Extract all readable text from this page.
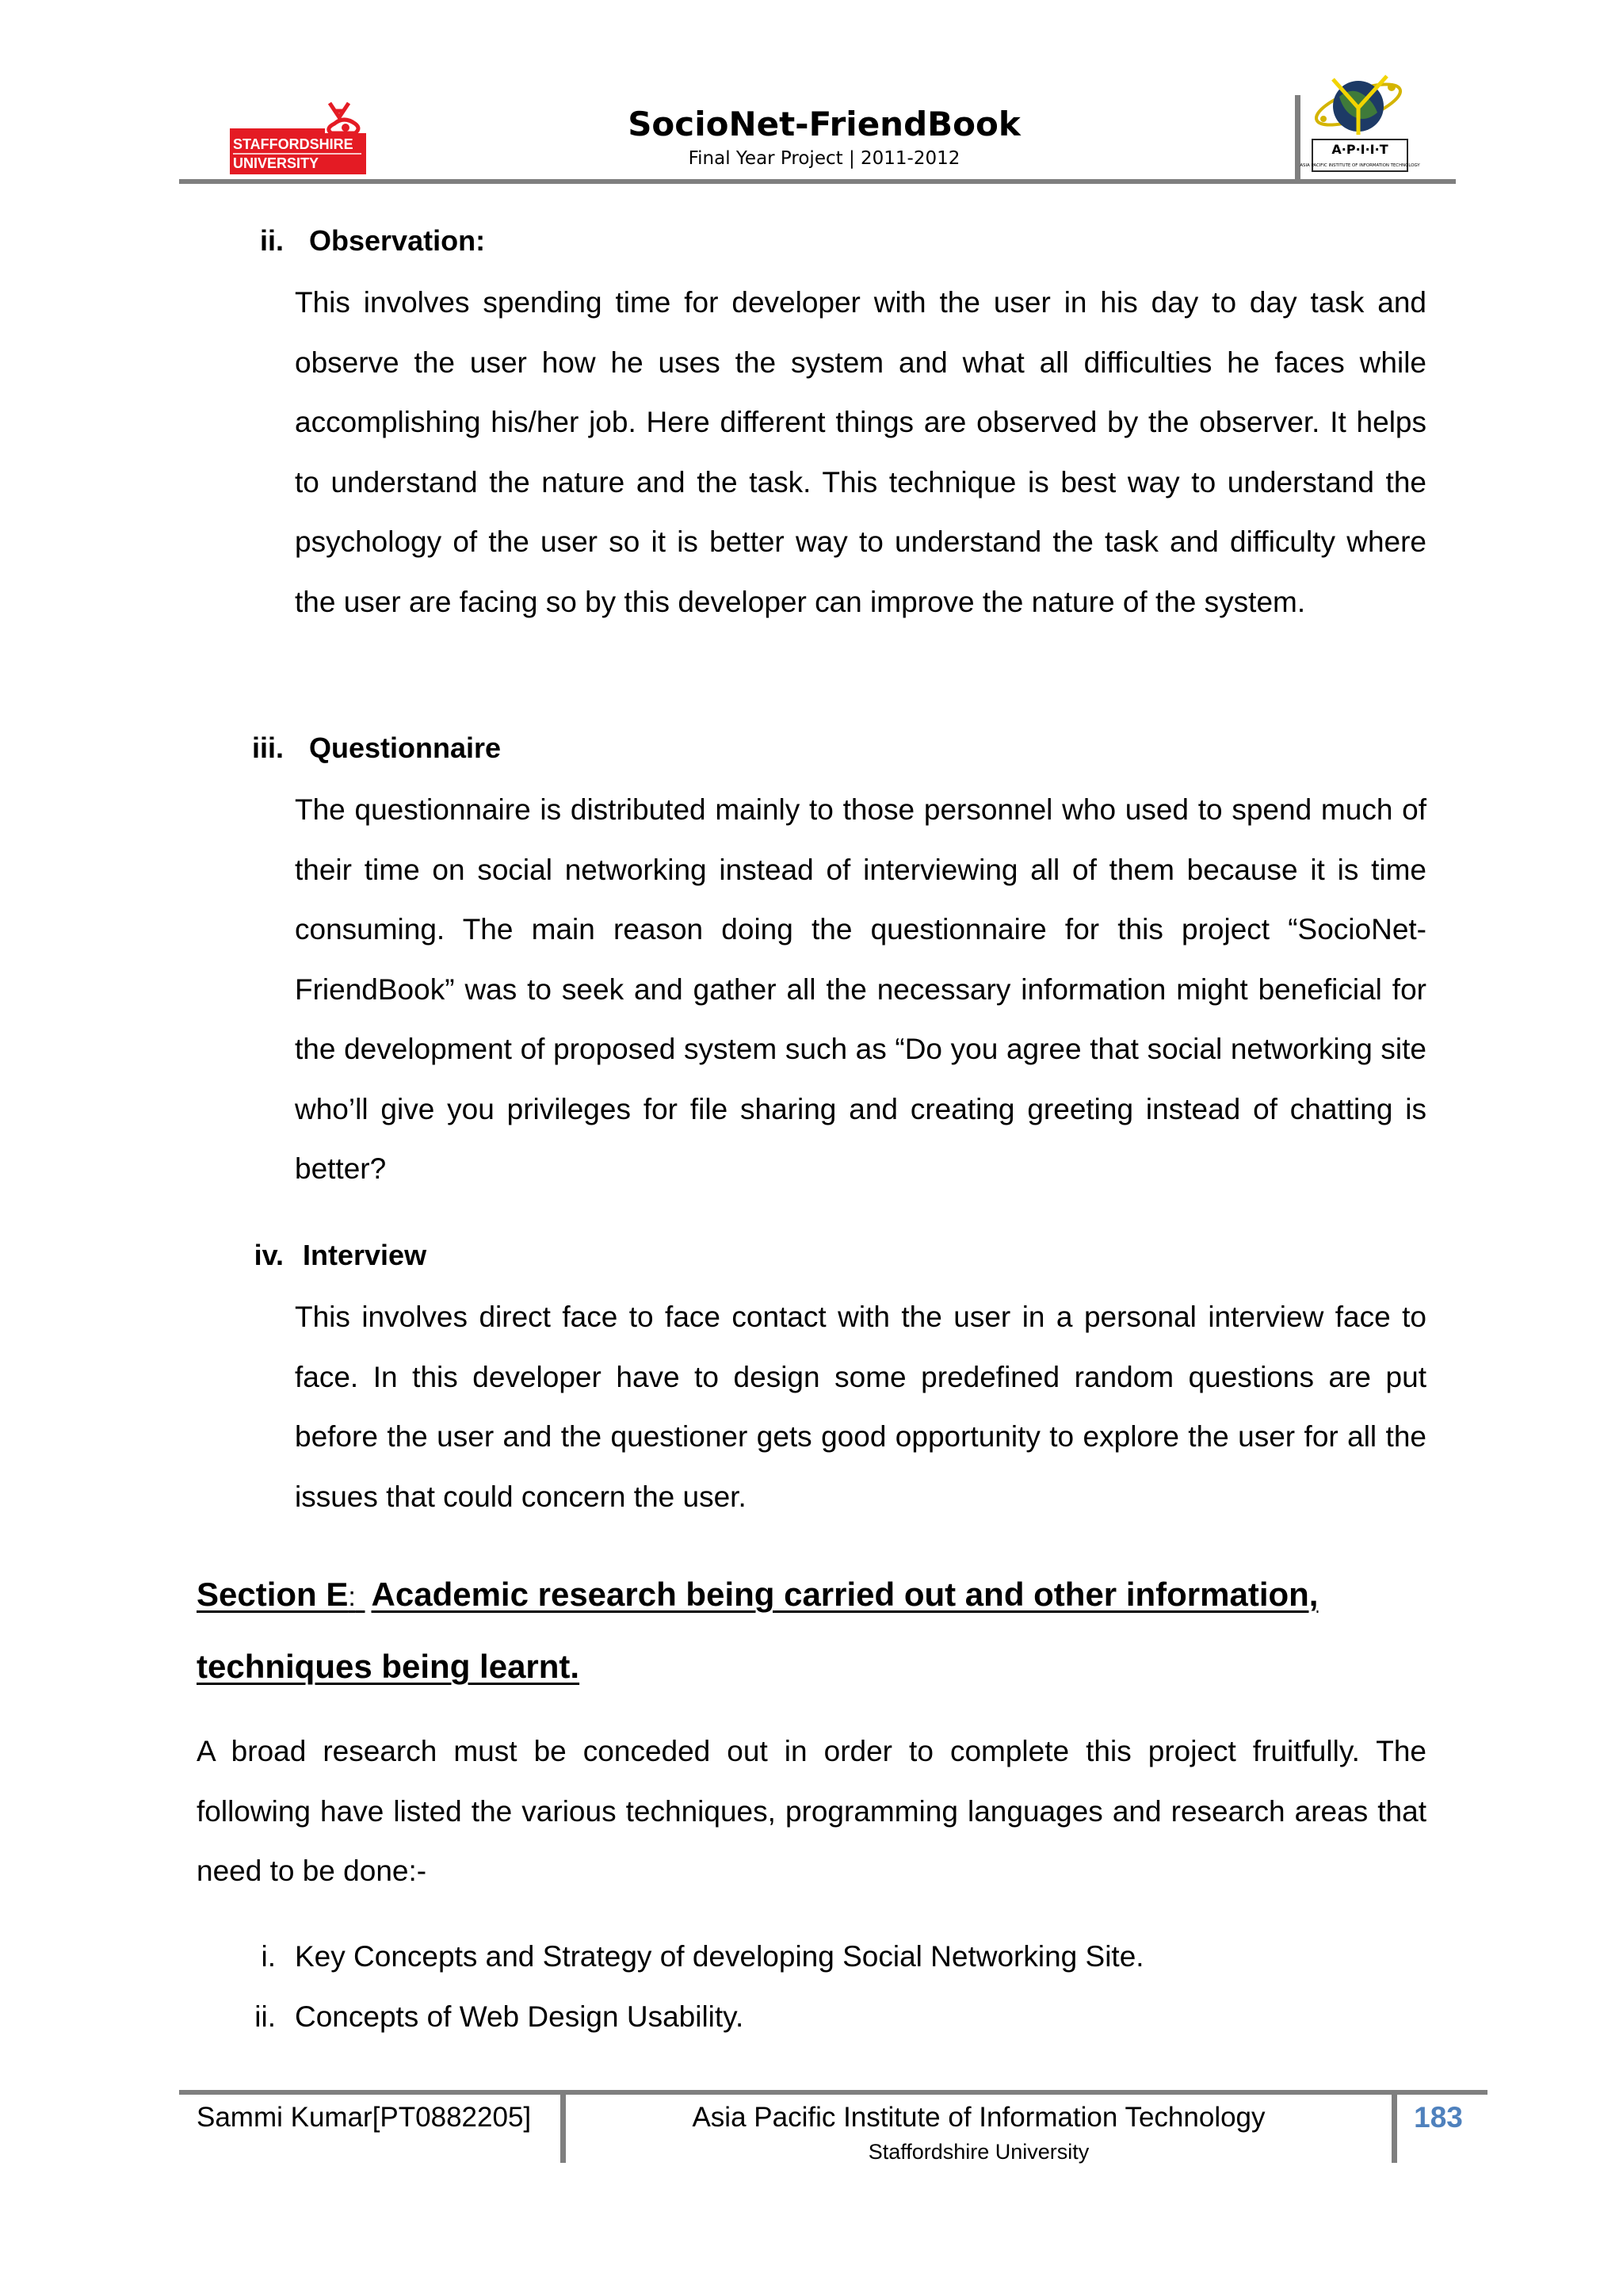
STAFFORDSHIRE
UNIVERSITY
SocioNet-FriendBook
Final Year Project | 2011-2012	A·P·I·I·T
ASIA PACIFIC INSTITUTE OF INFORMATION TECHNOLOGY
ii. Observation:
This involves spending time for developer with the user in his day to day task and observe the user how he uses the system and what all difficulties he faces while accomplishing his/her job. Here different things are observed by the observer. It helps to understand the nature and the task. This technique is best way to understand the psychology of the user so it is better way to understand the task and difficulty where the user are facing so by this developer can improve the nature of the system.
iii. Questionnaire
The questionnaire is distributed mainly to those personnel who used to spend much of their time on social networking instead of interviewing all of them because it is time consuming. The main reason doing the questionnaire for this project “SocioNet-FriendBook” was to seek and gather all the necessary information might beneficial for the development of proposed system such as “Do you agree that social networking site who’ll give you privileges for file sharing and creating greeting instead of chatting is better?
iv. Interview
This involves direct face to face contact with the user in a personal interview face to face. In this developer have to design some predefined random questions are put before the user and the questioner gets good opportunity to explore the user for all the issues that could concern the user.
Section E: Academic research being carried out and other information, techniques being learnt.
A broad research must be conceded out in order to complete this project fruitfully. The following have listed the various techniques, programming languages and research areas that need to be done:-
i. Key Concepts and Strategy of developing Social Networking Site.
ii. Concepts of Web Design Usability.
Sammi Kumar[PT0882205]	Asia Pacific Institute of Information Technology
Staffordshire University
183
